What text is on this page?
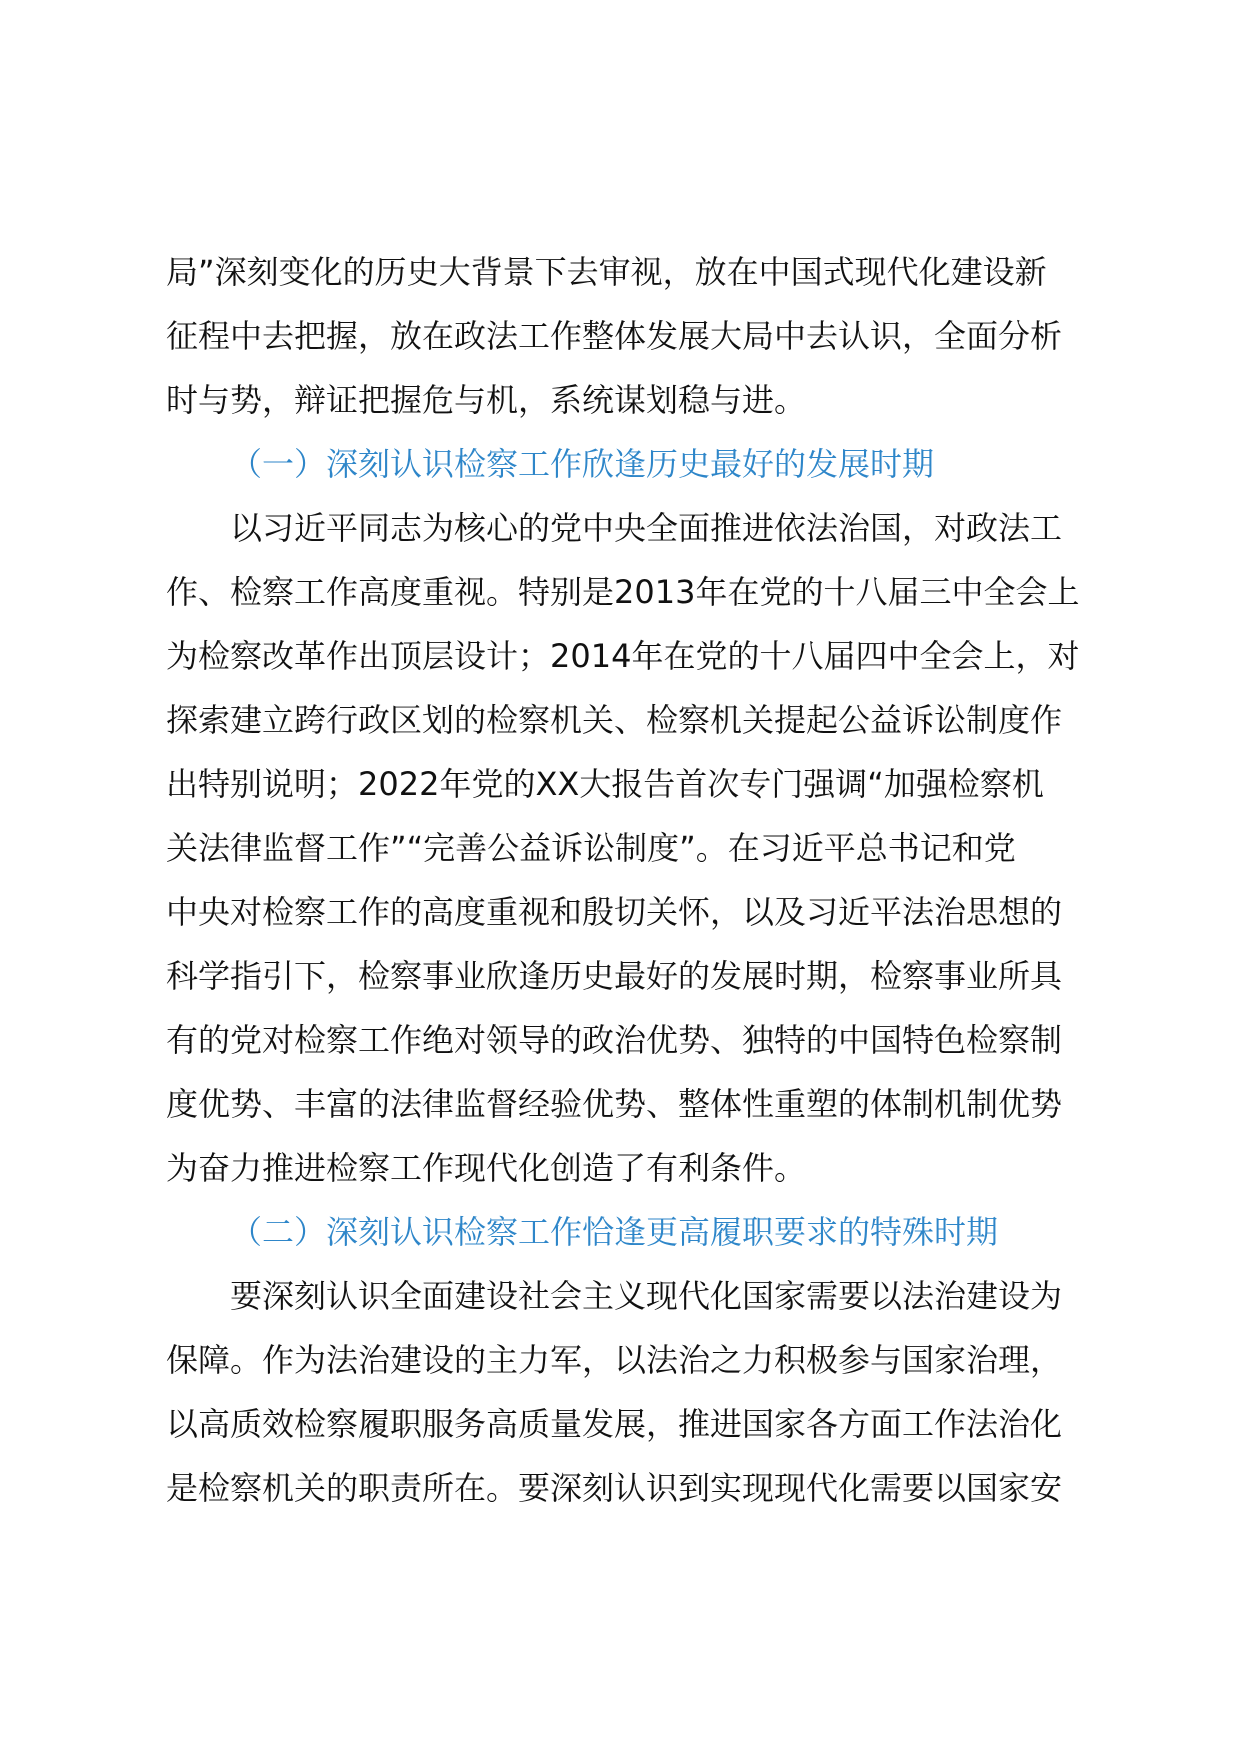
局”深刻变化的历史大背景下去审视，放在中国式现代化建设新
征程中去把握，放在政法工作整体发展大局中去认识，全面分析
时与势，辩证把握危与机，系统谋划稳与进。
（一）深刻认识检察工作欣逢历史最好的发展时期
以习近平同志为核心的党中央全面推进依法治国，对政法工
作、检察工作高度重视。特别是2013年在党的十八届三中全会上
为检察改革作出顶层设计；2014年在党的十八届四中全会上，对
探索建立跨行政区划的检察机关、检察机关提起公益诉讼制度作
出特别说明；2022年党的XX大报告首次专门强调“加强检察机
关法律监督工作”“完善公益诉讼制度”。在习近平总书记和党
中央对检察工作的高度重视和殷切关怀，以及习近平法治思想的
科学指引下，检察事业欣逢历史最好的发展时期，检察事业所具
有的党对检察工作绝对领导的政治优势、独特的中国特色检察制
度优势、丰富的法律监督经验优势、整体性重塑的体制机制优势
为奋力推进检察工作现代化创造了有利条件。
（二）深刻认识检察工作恰逢更高履职要求的特殊时期
要深刻认识全面建设社会主义现代化国家需要以法治建设为
保障。作为法治建设的主力军，以法治之力积极参与国家治理，
以高质效检察履职服务高质量发展，推进国家各方面工作法治化
是检察机关的职责所在。要深刻认识到实现现代化需要以国家安
